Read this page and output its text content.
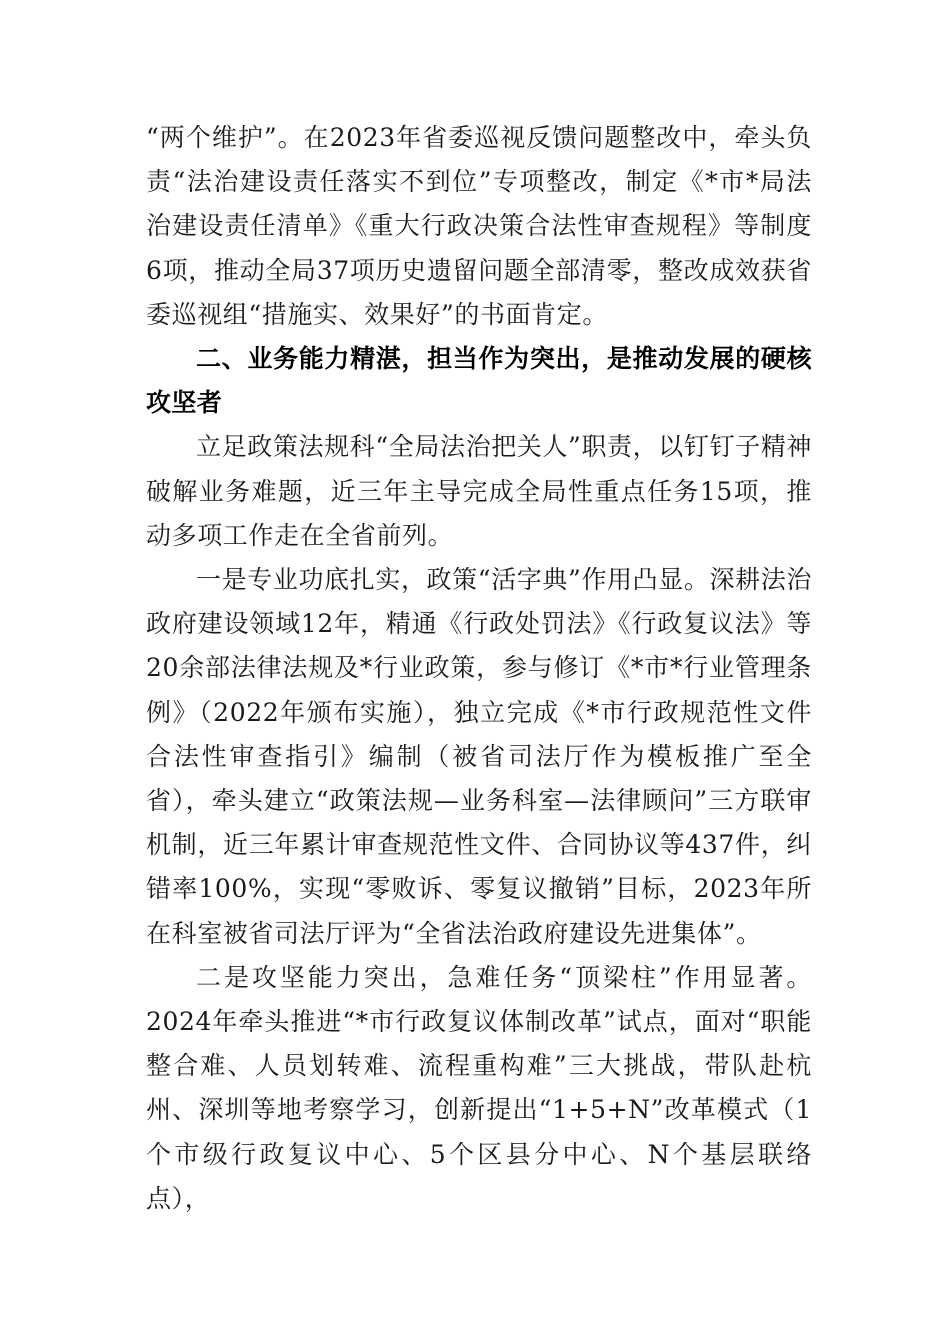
“两个维护”。在2023年省委巡视反馈问题整改中，牵头负责“法治建设责任落实不到位”专项整改，制定《*市*局法治建设责任清单》《重大行政决策合法性审查规程》等制度6项，推动全局37项历史遗留问题全部清零，整改成效获省委巡视组“措施实、效果好”的书面肯定。

二、业务能力精湛，担当作为突出，是推动发展的硬核攻坚者

立足政策法规科“全局法治把关人”职责，以钉钉子精神破解业务难题，近三年主导完成全局性重点任务15项，推动多项工作走在全省前列。

一是专业功底扎实，政策“活字典”作用凸显。深耕法治政府建设领域12年，精通《行政处罚法》《行政复议法》等20余部法律法规及*行业政策，参与修订《*市*行业管理条例》（2022年颁布实施），独立完成《*市行政规范性文件合法性审查指引》编制（被省司法厅作为模板推广至全省），牵头建立“政策法规—业务科室—法律顾问”三方联审机制，近三年累计审查规范性文件、合同协议等437件，纠错率100%，实现“零败诉、零复议撤销”目标，2023年所在科室被省司法厅评为“全省法治政府建设先进集体”。

二是攻坚能力突出，急难任务“顶梁柱”作用显著。2024年牵头推进“*市行政复议体制改革”试点，面对“职能整合难、人员划转难、流程重构难”三大挑战，带队赴杭州、深圳等地考察学习，创新提出“1+5+N”改革模式（1个市级行政复议中心、5个区县分中心、N个基层联络点），
